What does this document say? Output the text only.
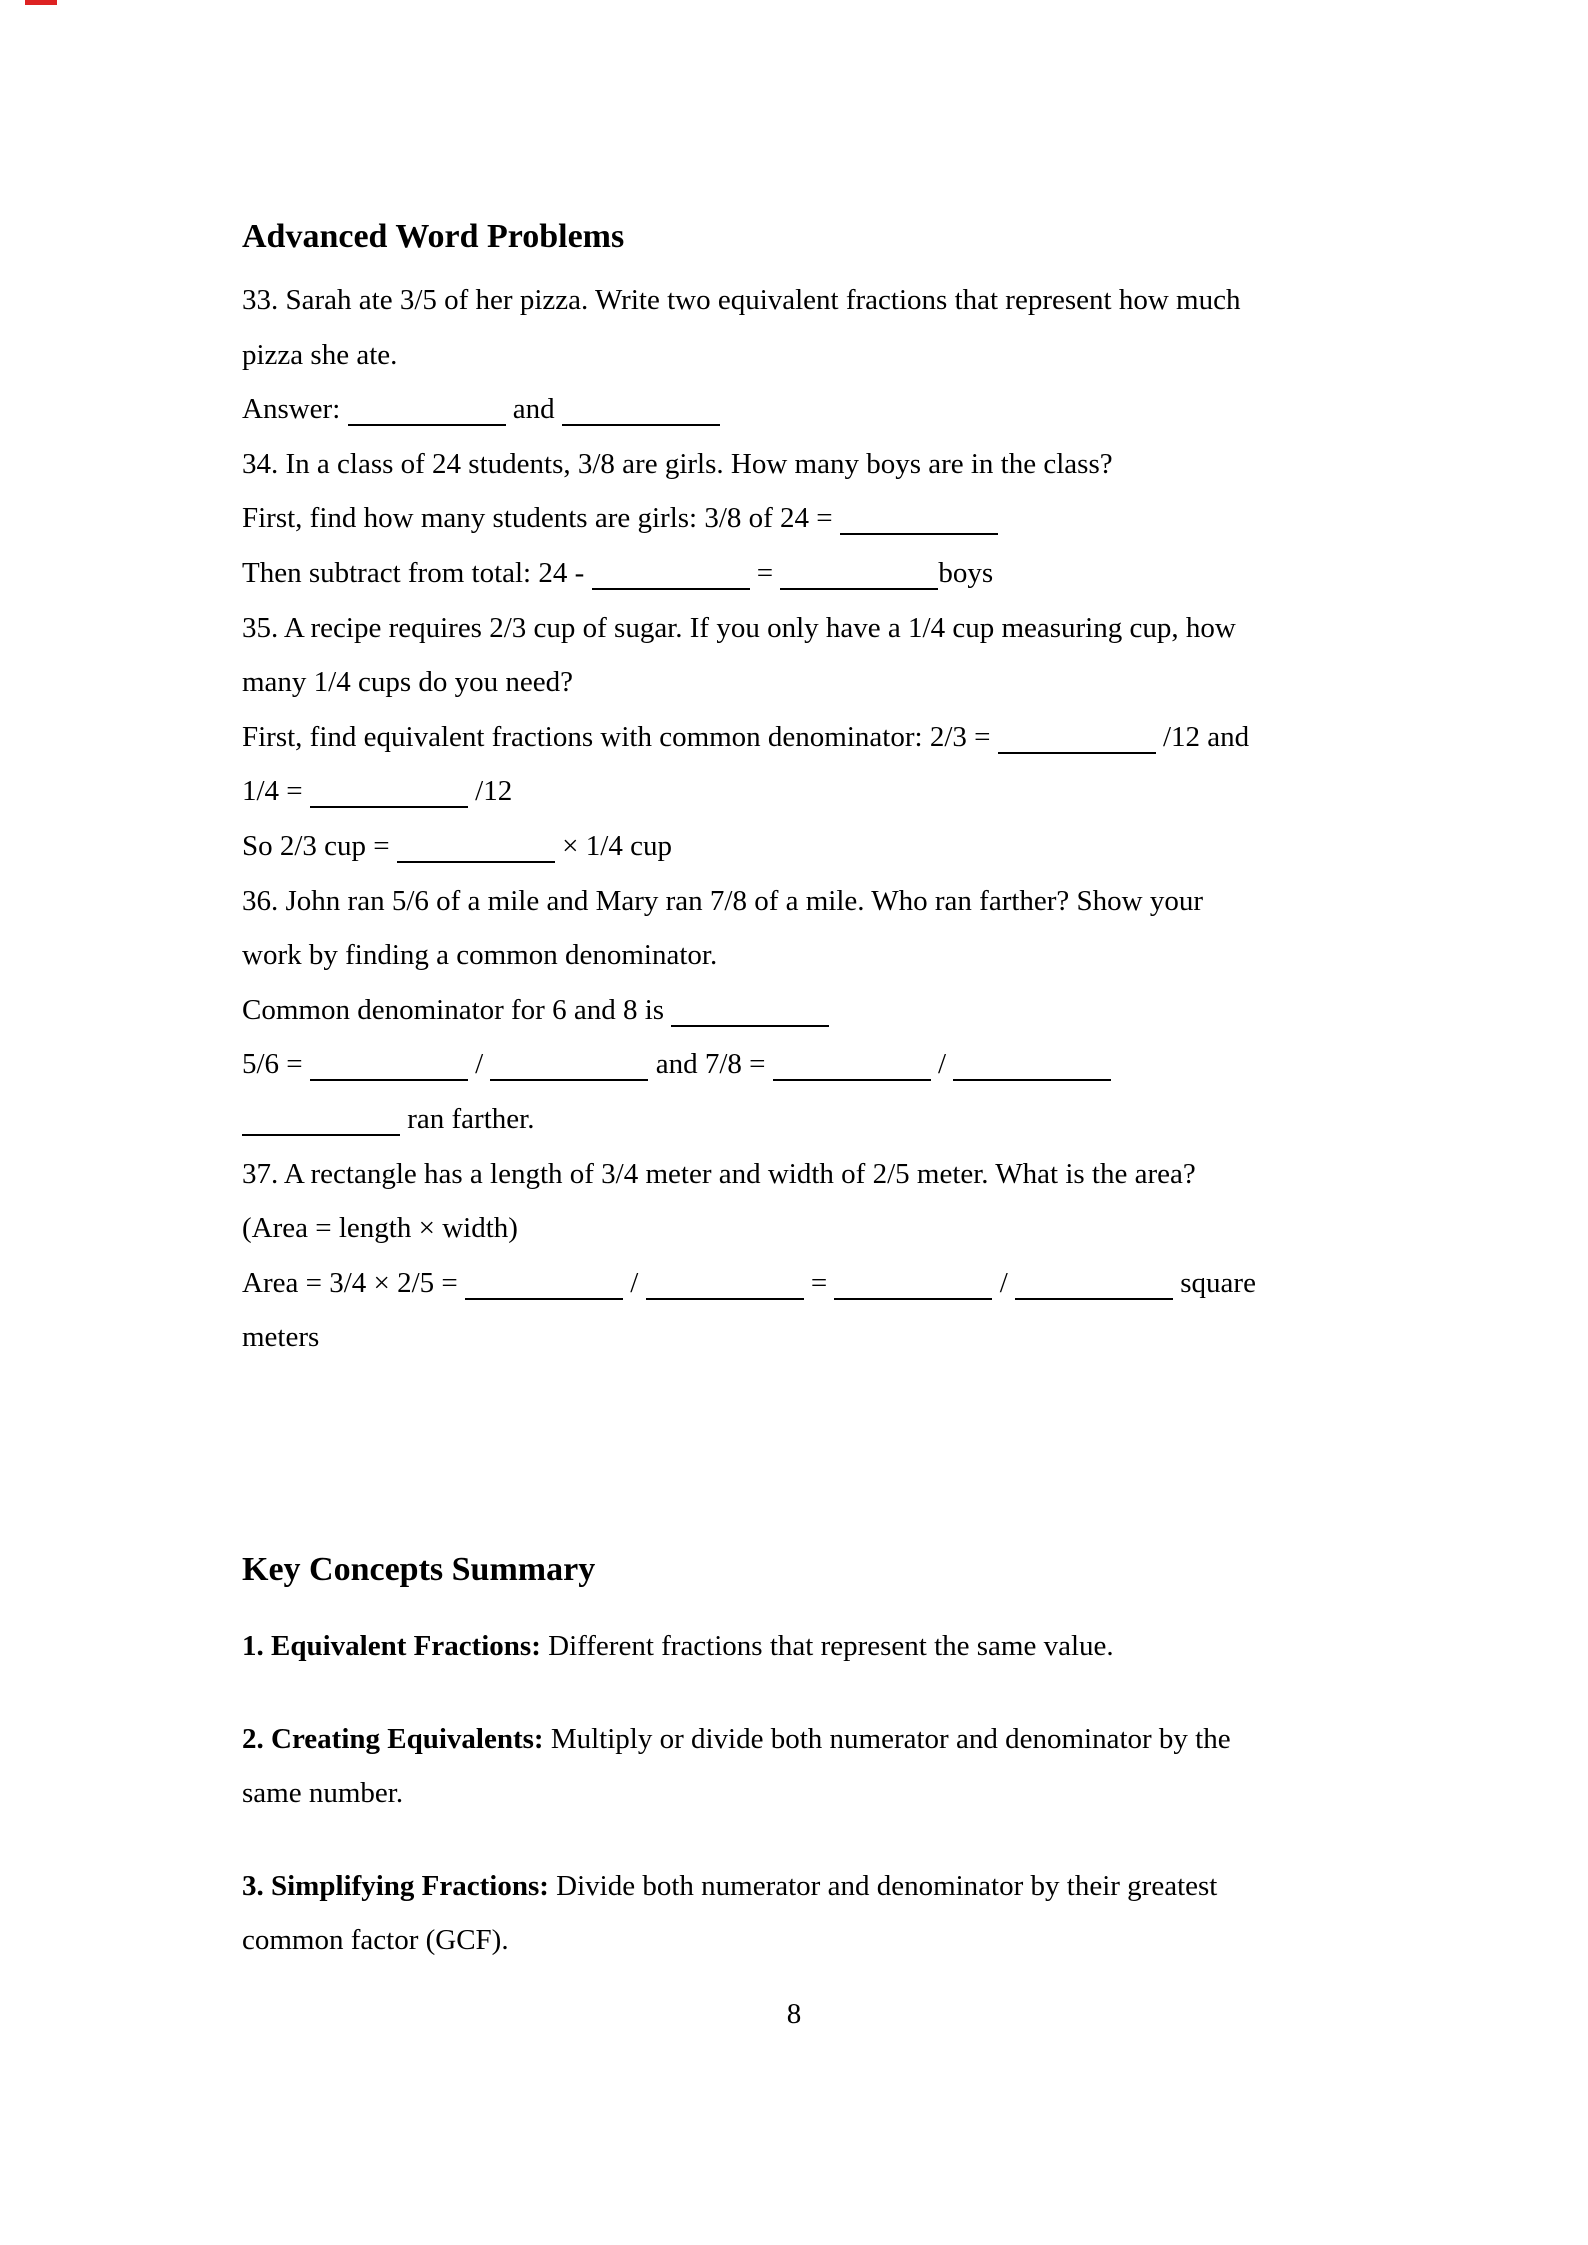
Advanced Word Problems
33. Sarah ate 3/5 of her pizza. Write two equivalent fractions that represent how much
pizza she ate.
Answer:	and
34. In a class of 24 students, 3/8 are girls. How many boys are in the class?
First, find how many students are girls: 3/8 of 24 =
Then subtract from total: 24 -	=	boys
35. A recipe requires 2/3 cup of sugar. If you only have a 1/4 cup measuring cup, how
many 1/4 cups do you need?
First, find equivalent fractions with common denominator: 2/3 =	/12 and
1/4 =	/12
So 2/3 cup =	× 1/4 cup
36. John ran 5/6 of a mile and Mary ran 7/8 of a mile. Who ran farther? Show your
work by finding a common denominator.
Common denominator for 6 and 8 is
5/6 =	/	and 7/8 =	/
ran farther.
37. A rectangle has a length of 3/4 meter and width of 2/5 meter. What is the area?
(Area = length × width)
Area = 3/4 × 2/5 =	/	=	/	square
meters
Key Concepts Summary
1. Equivalent Fractions: Different fractions that represent the same value.
2. Creating Equivalents: Multiply or divide both numerator and denominator by the
same number.
3. Simplifying Fractions: Divide both numerator and denominator by their greatest
common factor (GCF).
8
